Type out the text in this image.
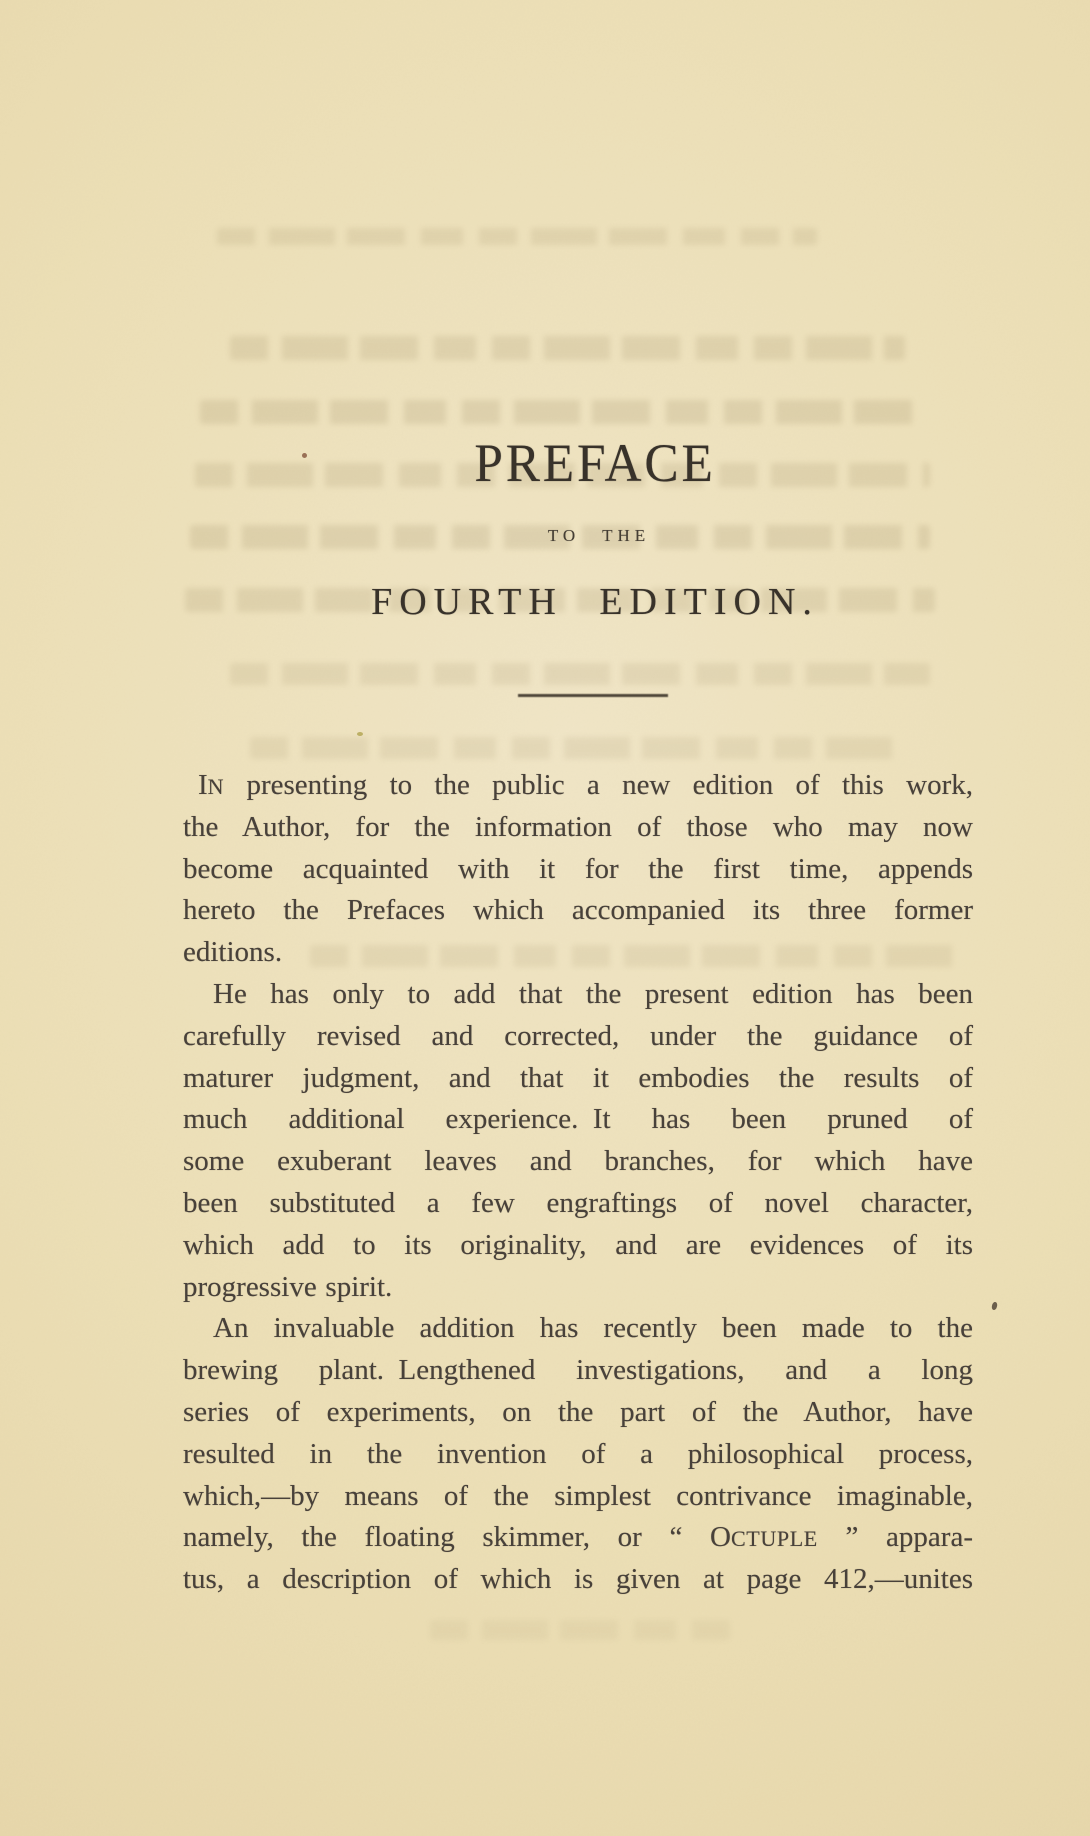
PREFACE
TO THE
FOURTH EDITION.
IN presenting to the public a new edition of this work,
the Author, for the information of those who may now
become acquainted with it for the first time, appends
hereto the Prefaces which accompanied its three former
editions.
He has only to add that the present edition has been
carefully revised and corrected, under the guidance of
maturer judgment, and that it embodies the results of
much additional experience. It has been pruned of
some exuberant leaves and branches, for which have
been substituted a few engraftings of novel character,
which add to its originality, and are evidences of its
progressive spirit.
An invaluable addition has recently been made to the
brewing plant. Lengthened investigations, and a long
series of experiments, on the part of the Author, have
resulted in the invention of a philosophical process,
which,—by means of the simplest contrivance imaginable,
namely, the floating skimmer, or “ OCTUPLE ” appara-
tus, a description of which is given at page 412,—unites
